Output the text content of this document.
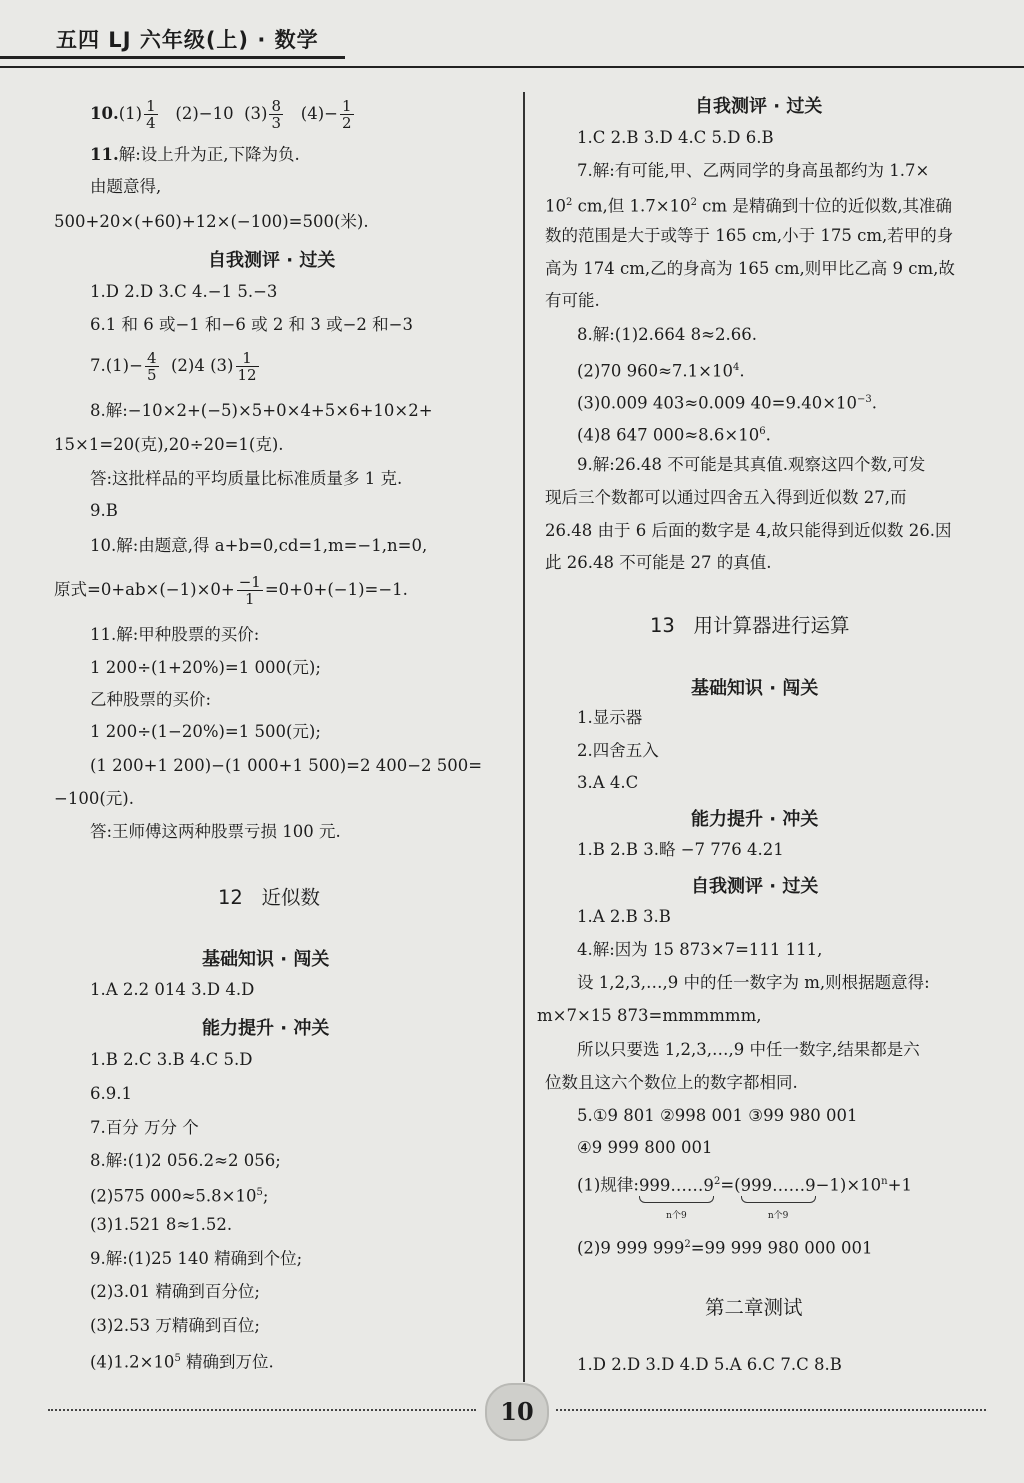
五四 LJ 六年级(上) · 数学
$10.(1) \frac{1}{4} (2)-10$ $(3) \frac{8}{3} (4)- \frac{1}{2}$
11.解:设上升为正,下降为负.
由题意得,
500+20×(+60)+12×(−100)=500(米).
自我测评 · 过关
1.D 2.D 3.C 4.−1 5.−3
6.1 和 6 或−1 和−6 或 2 和 3 或−2 和−3
$7.(1)- \frac{4}{5} (2)4$ $(3) \frac{1}{12}$
8.解:−10×2+(−5)×5+0×4+5×6+10×2+
15×1=20(克),20÷20=1(克).
答:这批样品的平均质量比标准质量多 1 克.
9.B
10.解:由题意,得 a+b=0,cd=1,m=−1,n=0,
原式$=0+ab\times(-1)\times 0+ \frac{-1}{1} =0+0+(-1)=-1$.
11.解:甲种股票的买价:
1 200÷(1+20%)=1 000(元);
乙种股票的买价:
1 200÷(1−20%)=1 500(元);
(1 200+1 200)−(1 000+1 500)=2 400−2 500=
−100(元).
答:王师傅这两种股票亏损 100 元.
12 近似数
基础知识 · 闯关
1.A 2.2 014 3.D 4.D
能力提升 · 冲关
1.B 2.C 3.B 4.C 5.D
6.9.1
7.百分 万分 个
8.解:(1)2 056.2≈2 056;
(2)575 $000\approx 5.8\times 10^5$;
(3)1.521 8≈1.52.
9.解:(1)25 140 精确到个位;
(2)3.01 精确到百分位;
(3)2.53 万精确到百位;
$(4)1.2\times 10^5$ 精确到万位.
自我测评 · 过关
1.C 2.B 3.D 4.C 5.D 6.B
7.解:有可能,甲、乙两同学的身高虽都约为 1.7×
$10^2$ cm,但 $1.7\times 10^2$ cm 是精确到十位的近似数,其准确
数的范围是大于或等于 165 cm,小于 175 cm,若甲的身
高为 174 cm,乙的身高为 165 cm,则甲比乙高 9 cm,故
有可能.
8.解:(1)2.664 8≈2.66.
(2)70 $960\approx 7.1\times 10^4$.
(3)0.009 403≈0.009 $40=9.40\times 10^{-3}$.
(4)8 647 $000\approx 8.6\times 10^6$.
9.解:26.48 不可能是其真值.观察这四个数,可发
现后三个数都可以通过四舍五入得到近似数 27,而
26.48 由于 6 后面的数字是 4,故只能得到近似数 26.因
此 26.48 不可能是 27 的真值.
13 用计算器进行运算
基础知识 · 闯关
1.显示器
2.四舍五入
3.A 4.C
能力提升 · 冲关
1.B 2.B 3.略 −7 776 4.21
自我测评 · 过关
1.A 2.B 3.B
4.解:因为 15 873×7=111 111,
设 1,2,3,…,9 中的任一数字为 m,则根据题意得:
m×7×15 873=mmmmmm,
所以只要选 1,2,3,…,9 中任一数字,结果都是六
位数且这六个数位上的数字都相同.
5.①9 801 ②998 001 ③99 980 001
④9 999 800 001
(1)规律:999……9
n个9
$^2$=(999……9
n个9
$-1)\times 10^n+1$
(2)9 999 $999^2=99$ 999 980 000 001
第二章测试
1.D 2.D 3.D 4.D 5.A 6.C 7.C 8.B
10
